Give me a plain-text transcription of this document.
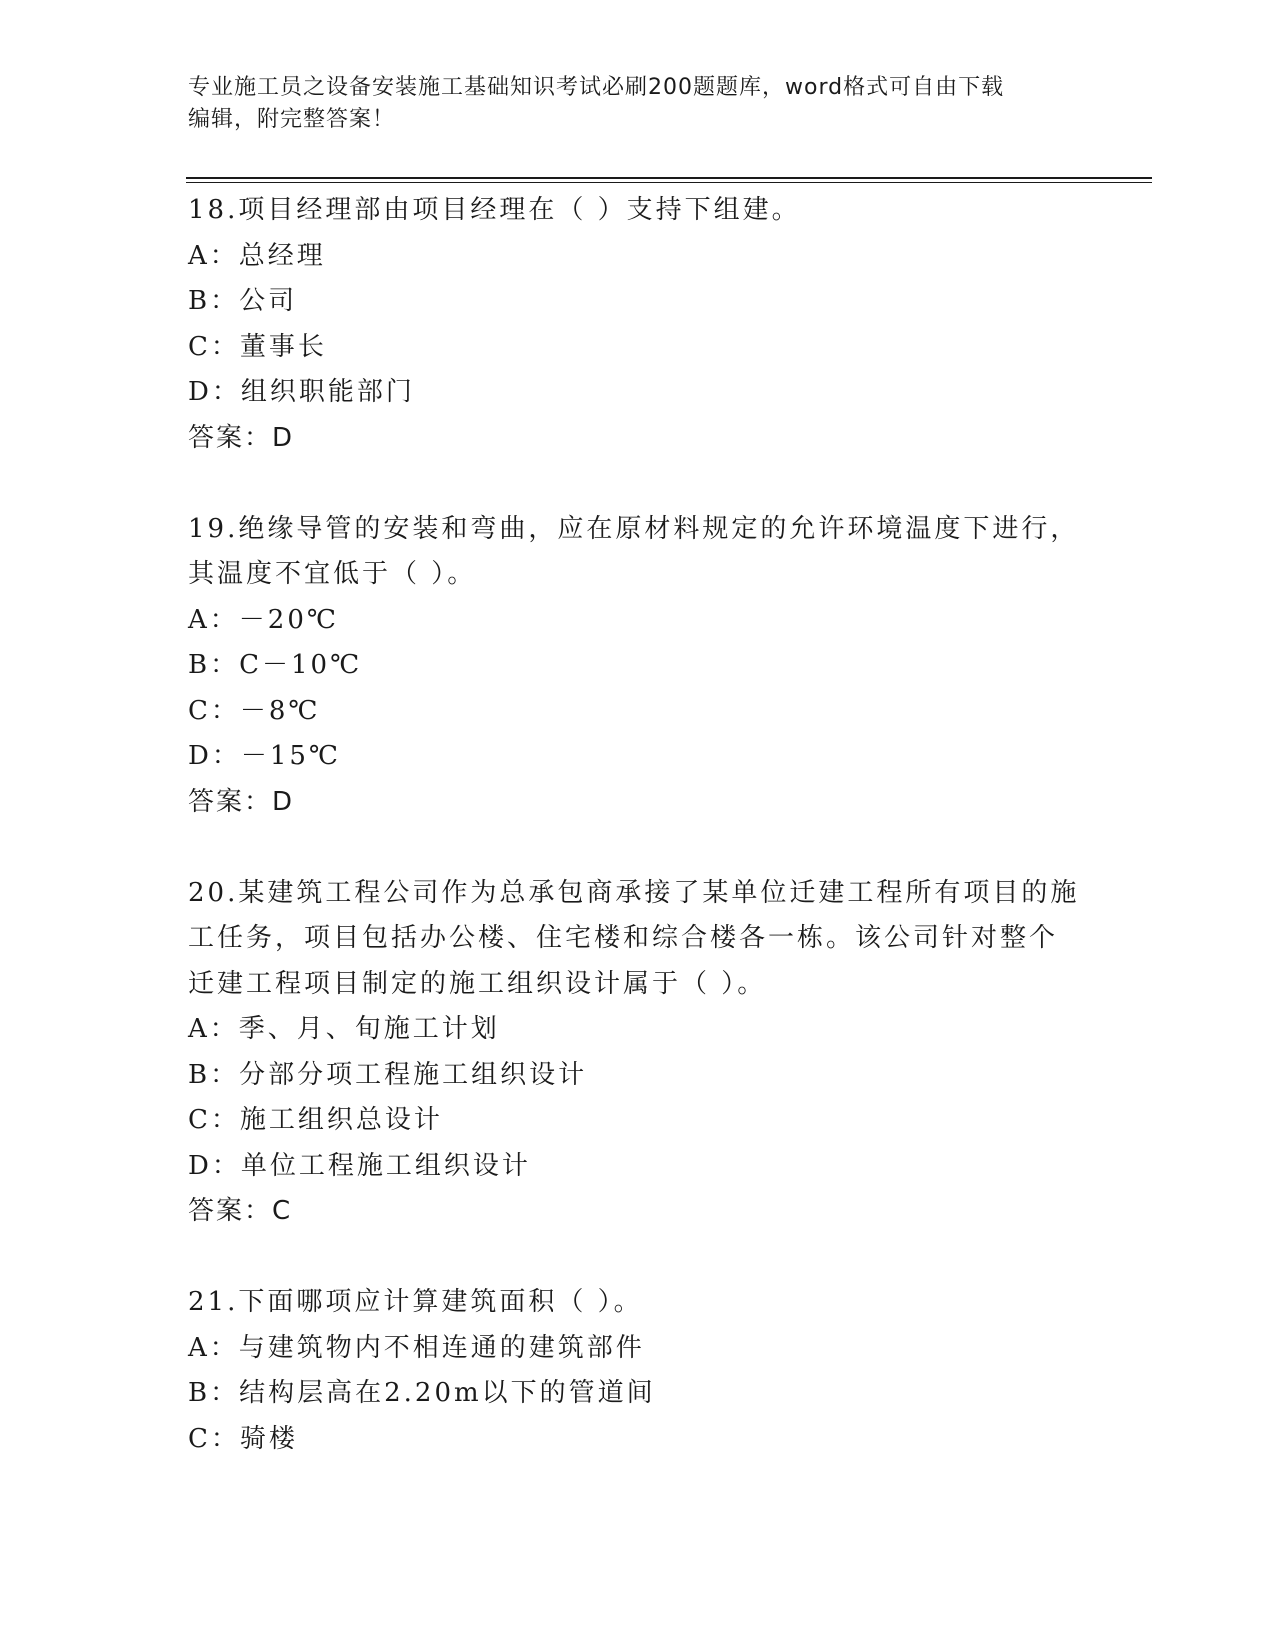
专业施工员之设备安装施工基础知识考试必刷200题题库，word格式可自由下载
编辑，附完整答案！
18.项目经理部由项目经理在（ ）支持下组建。
A：总经理
B：公司
C：董事长
D：组织职能部门
答案：D
19.绝缘导管的安装和弯曲，应在原材料规定的允许环境温度下进行，
其温度不宜低于（ ）。
A：－20℃
B：C－10℃
C：－8℃
D：－15℃
答案：D
20.某建筑工程公司作为总承包商承接了某单位迁建工程所有项目的施
工任务，项目包括办公楼、住宅楼和综合楼各一栋。该公司针对整个
迁建工程项目制定的施工组织设计属于（ ）。
A：季、月、旬施工计划
B：分部分项工程施工组织设计
C：施工组织总设计
D：单位工程施工组织设计
答案：C
21.下面哪项应计算建筑面积（ ）。
A：与建筑物内不相连通的建筑部件
B：结构层高在2.20m以下的管道间
C：骑楼
